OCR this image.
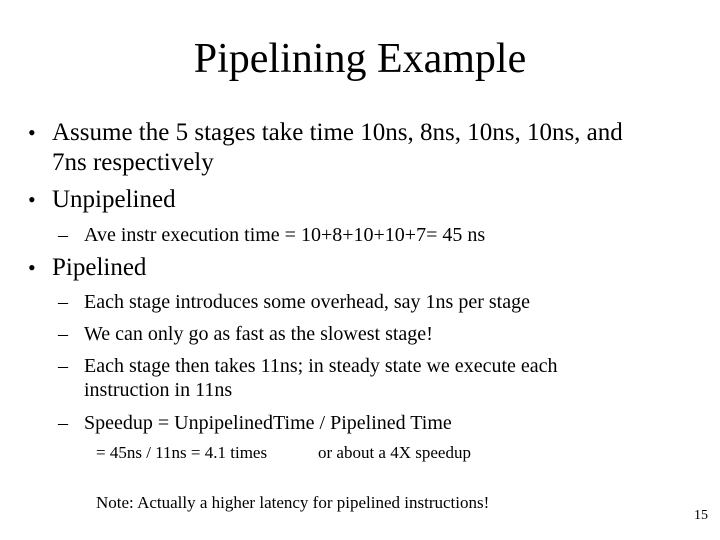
Pipelining Example
• Assume the 5 stages take time 10ns, 8ns, 10ns, 10ns, and
7ns respectively
• Unpipelined
– Ave instr execution time = 10+8+10+10+7= 45 ns
• Pipelined
– Each stage introduces some overhead, say 1ns per stage
– We can only go as fast as the slowest stage!
– Each stage then takes 11ns; in steady state we execute each
instruction in 11ns
– Speedup = UnpipelinedTime / Pipelined Time
= 45ns / 11ns = 4.1 times	or about a 4X speedup
Note: Actually a higher latency for pipelined instructions!
15
